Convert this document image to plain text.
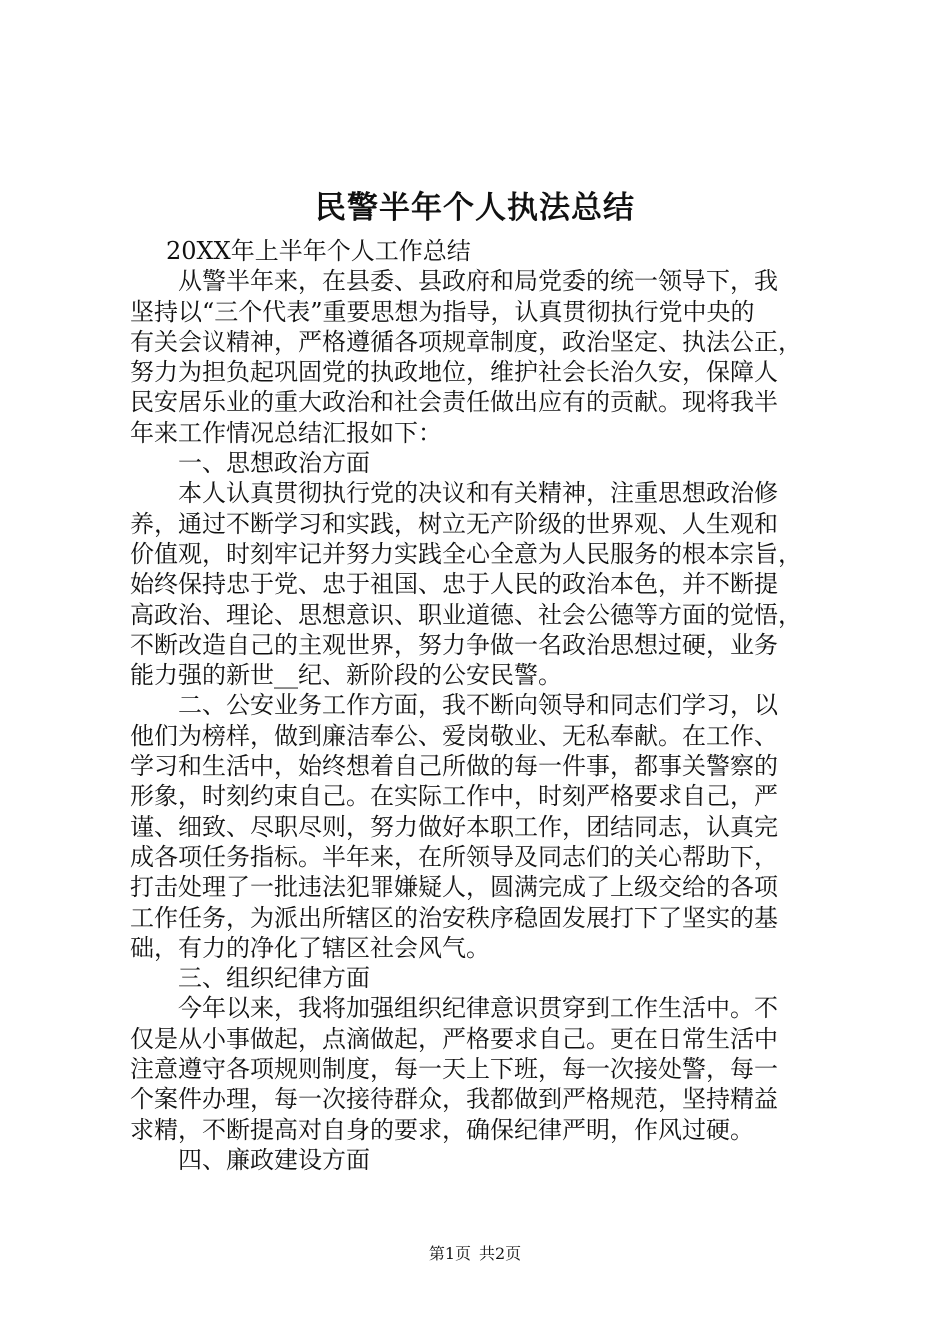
民警半年个人执法总结
20XX年上半年个人工作总结
从警半年来，在县委、县政府和局党委的统一领导下，我
坚持以“三个代表”重要思想为指导，认真贯彻执行党中央的
有关会议精神，严格遵循各项规章制度，政治坚定、执法公正，
努力为担负起巩固党的执政地位，维护社会长治久安，保障人
民安居乐业的重大政治和社会责任做出应有的贡献。现将我半
年来工作情况总结汇报如下：
一、思想政治方面
本人认真贯彻执行党的决议和有关精神，注重思想政治修
养，通过不断学习和实践，树立无产阶级的世界观、人生观和
价值观，时刻牢记并努力实践全心全意为人民服务的根本宗旨，
始终保持忠于党、忠于祖国、忠于人民的政治本色，并不断提
高政治、理论、思想意识、职业道德、社会公德等方面的觉悟，
不断改造自己的主观世界，努力争做一名政治思想过硬，业务
能力强的新世__纪、新阶段的公安民警。
二、公安业务工作方面，我不断向领导和同志们学习，以
他们为榜样，做到廉洁奉公、爱岗敬业、无私奉献。在工作、
学习和生活中，始终想着自己所做的每一件事，都事关警察的
形象，时刻约束自己。在实际工作中，时刻严格要求自己，严
谨、细致、尽职尽则，努力做好本职工作，团结同志，认真完
成各项任务指标。半年来，在所领导及同志们的关心帮助下，
打击处理了一批违法犯罪嫌疑人，圆满完成了上级交给的各项
工作任务，为派出所辖区的治安秩序稳固发展打下了坚实的基
础，有力的净化了辖区社会风气。
三、组织纪律方面
今年以来，我将加强组织纪律意识贯穿到工作生活中。不
仅是从小事做起，点滴做起，严格要求自己。更在日常生活中
注意遵守各项规则制度，每一天上下班，每一次接处警，每一
个案件办理，每一次接待群众，我都做到严格规范，坚持精益
求精，不断提高对自身的要求，确保纪律严明，作风过硬。
四、廉政建设方面
第1页 共2页
